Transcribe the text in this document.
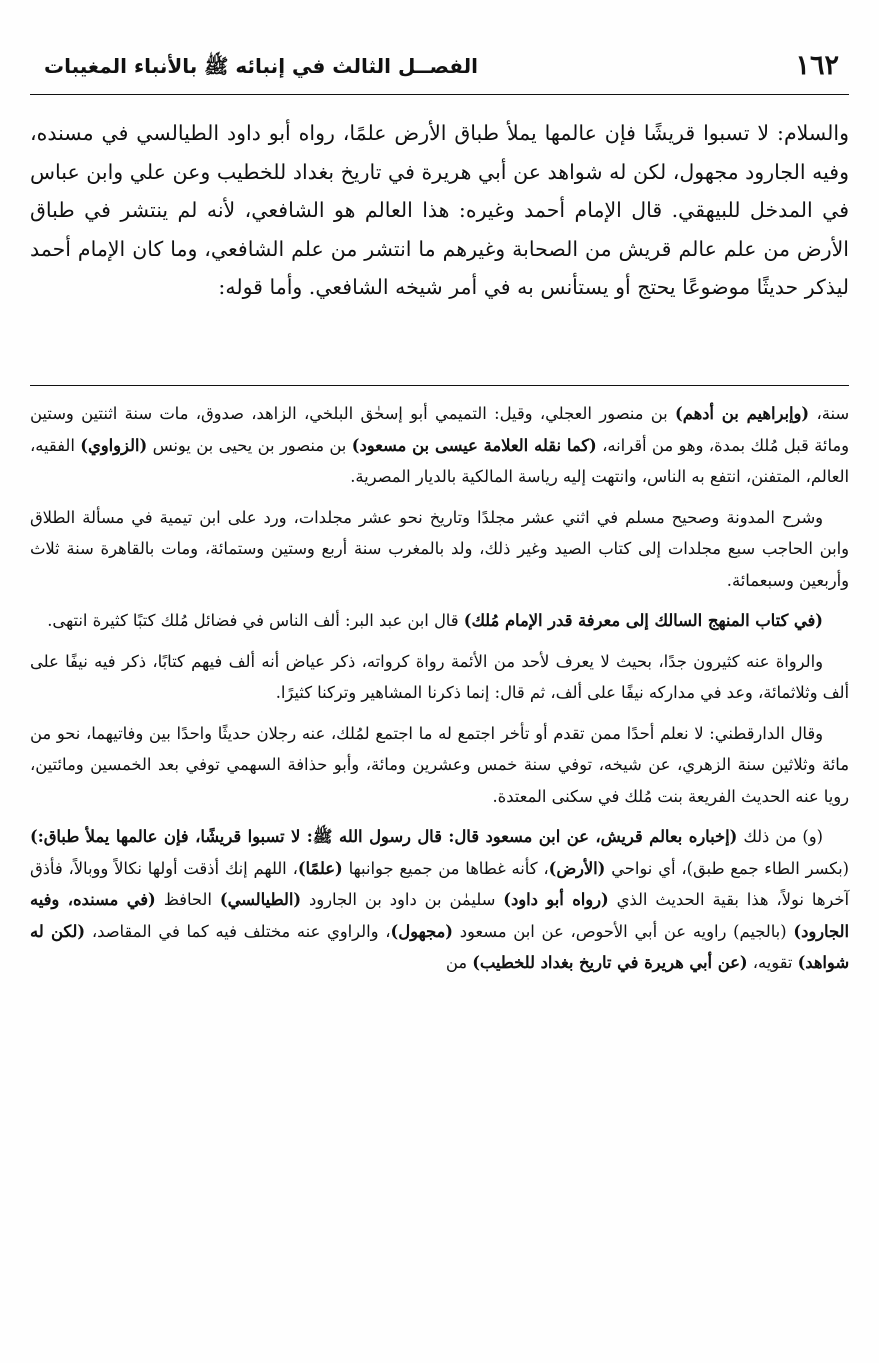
١٦٢
الفصــل الثالث في إنبائه ﷺ بالأنباء المغيبات

والسلام: لا تسبوا قريشًا فإن عالمها يملأ طباق الأرض علمًا، رواه أبو داود الطيالسي في مسنده، وفيه الجارود مجهول، لكن له شواهد عن أبي هريرة في تاريخ بغداد للخطيب وعن علي وابن عباس في المدخل للبيهقي. قال الإمام أحمد وغيره: هذا العالم هو الشافعي، لأنه لم ينتشر في طباق الأرض من علم عالم قريش من الصحابة وغيرهم ما انتشر من علم الشافعي، وما كان الإمام أحمد ليذكر حديثًا موضوعًا يحتج أو يستأنس به في أمر شيخه الشافعي. وأما قوله:

سنة، (وإبراهيم بن أدهم) بن منصور العجلي، وقيل: التميمي أبو إسحٰق البلخي، الزاهد، صدوق، مات سنة اثنتين وستين ومائة قبل مُلك بمدة، وهو من أقرانه، (كما نقله العلامة عيسى بن مسعود) بن منصور بن يحيى بن يونس (الزواوي) الفقيه، العالم، المتفنن، انتفع به الناس، وانتهت إليه رياسة المالكية بالديار المصرية.

وشرح المدونة وصحيح مسلم في اثني عشر مجلدًا وتاريخ نحو عشر مجلدات، ورد على ابن تيمية في مسألة الطلاق وابن الحاجب سبع مجلدات إلى كتاب الصيد وغير ذلك، ولد بالمغرب سنة أربع وستين وستمائة، ومات بالقاهرة سنة ثلاث وأربعين وسبعمائة.

(في كتاب المنهج السالك إلى معرفة قدر الإمام مُلك) قال ابن عبد البر: ألف الناس في فضائل مُلك كتبًا كثيرة انتهى.

والرواة عنه كثيرون جدًا، بحيث لا يعرف لأحد من الأئمة رواة كرواته، ذكر عياض أنه ألف فيهم كتابًا، ذكر فيه نيفًا على ألف وثلاثمائة، وعد في مداركه نيفًا على ألف، ثم قال: إنما ذكرنا المشاهير وتركنا كثيرًا.

وقال الدارقطني: لا نعلم أحدًا ممن تقدم أو تأخر اجتمع له ما اجتمع لمُلك، عنه رجلان حديثًا واحدًا بين وفاتيهما، نحو من مائة وثلاثين سنة الزهري، عن شيخه، توفي سنة خمس وعشرين ومائة، وأبو حذافة السهمي توفي بعد الخمسين ومائتين، رويا عنه الحديث الفريعة بنت مُلك في سكنى المعتدة.

(و) من ذلك (إخباره بعالم قريش، عن ابن مسعود قال: قال رسول الله ﷺ: لا تسبوا قريشًا، فإن عالمها يملأ طباق:) (بكسر الطاء جمع طبق)، أي نواحي (الأرض)، كأنه غطاها من جميع جوانبها (علمًا)، اللهم إنك أذقت أولها نكالاً ووبالاً، فأذق آخرها نولاً، هذا بقية الحديث الذي (رواه أبو داود) سليمٰن بن داود بن الجارود (الطيالسي) الحافظ (في مسنده، وفيه الجارود) (بالجيم) راويه عن أبي الأحوص، عن ابن مسعود (مجهول)، والراوي عنه مختلف فيه كما في المقاصد، (لكن له شواهد) تقويه، (عن أبي هريرة في تاريخ بغداد للخطيب) من
